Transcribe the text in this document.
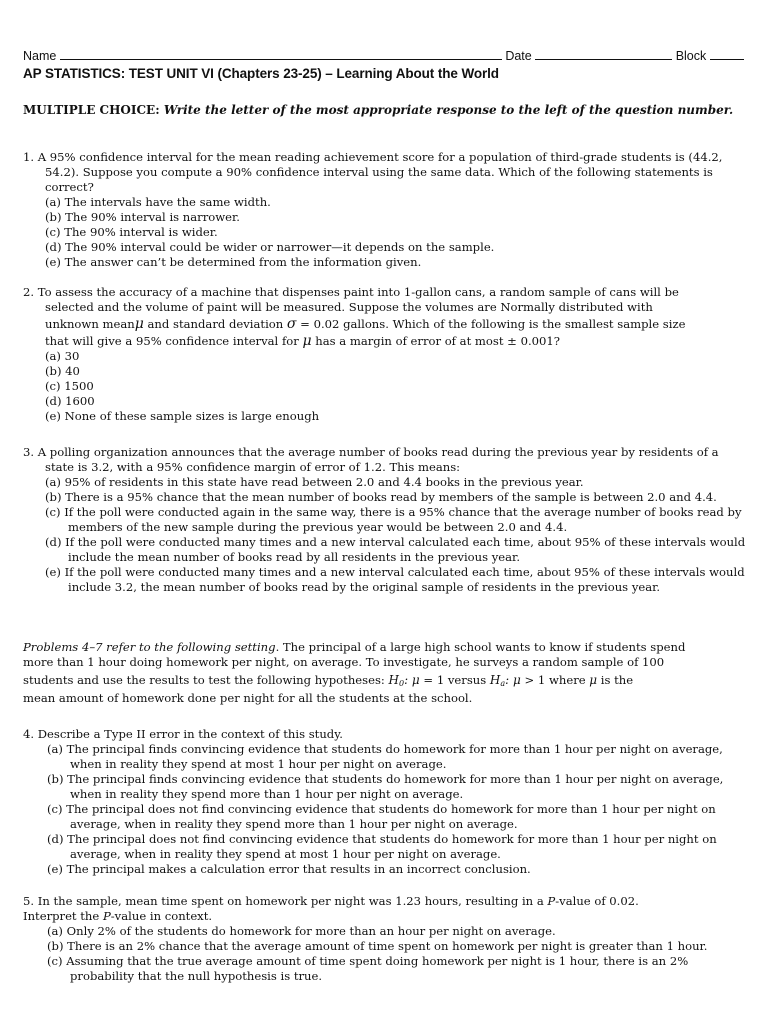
Name	Date	Block
AP STATISTICS: TEST UNIT VI (Chapters 23-25) – Learning About the World
MULTIPLE CHOICE: Write the letter of the most appropriate response to the left of the question number.

1. A 95% confidence interval for the mean reading achievement score for a population of third-grade students is (44.2, 54.2). Suppose you compute a 90% confidence interval using the same data. Which of the following statements is correct?

(a) The intervals have the same width.

(b) The 90% interval is narrower.

(c) The 90% interval is wider.

(d) The 90% interval could be wider or narrower—it depends on the sample.

(e) The answer can’t be determined from the information given.

2. To assess the accuracy of a machine that dispenses paint into 1-gallon cans, a random sample of cans will be

selected and the volume of paint will be measured. Suppose the volumes are Normally distributed with

unknown meanμ and standard deviation σ = 0.02 gallons. Which of the following is the smallest sample size

that will give a 95% confidence interval for μ has a margin of error of at most ± 0.001?

(a) 30

(b) 40

(c) 1500

(d) 1600

(e) None of these sample sizes is large enough

3. A polling organization announces that the average number of books read during the previous year by residents of a state is 3.2, with a 95% confidence margin of error of 1.2. This means:

(a) 95% of residents in this state have read between 2.0 and 4.4 books in the previous year.

(b) There is a 95% chance that the mean number of books read by members of the sample is between 2.0 and 4.4.

(c) If the poll were conducted again in the same way, there is a 95% chance that the average number of books read by members of the new sample during the previous year would be between 2.0 and 4.4.

(d) If the poll were conducted many times and a new interval calculated each time, about 95% of these intervals would include the mean number of books read by all residents in the previous year.

(e) If the poll were conducted many times and a new interval calculated each time, about 95% of these intervals would include 3.2, the mean number of books read by the original sample of residents in the previous year.

Problems 4–7 refer to the following setting. The principal of a large high school wants to know if students spend

more than 1 hour doing homework per night, on average. To investigate, he surveys a random sample of 100

students and use the results to test the following hypotheses: $H_0$: μ = 1 versus $H_a$: μ > 1 where μ is the

mean amount of homework done per night for all the students at the school.

4. Describe a Type II error in the context of this study.

(a) The principal finds convincing evidence that students do homework for more than 1 hour per night on average, when in reality they spend at most 1 hour per night on average.

(b) The principal finds convincing evidence that students do homework for more than 1 hour per night on average, when in reality they spend more than 1 hour per night on average.

(c) The principal does not find convincing evidence that students do homework for more than 1 hour per night on average, when in reality they spend more than 1 hour per night on average.

(d) The principal does not find convincing evidence that students do homework for more than 1 hour per night on average, when in reality they spend at most 1 hour per night on average.

(e) The principal makes a calculation error that results in an incorrect conclusion.

5. In the sample, mean time spent on homework per night was 1.23 hours, resulting in a P-value of 0.02.

Interpret the P-value in context.

(a) Only 2% of the students do homework for more than an hour per night on average.

(b) There is an 2% chance that the average amount of time spent on homework per night is greater than 1 hour.

(c) Assuming that the true average amount of time spent doing homework per night is 1 hour, there is an 2% probability that the null hypothesis is true.
